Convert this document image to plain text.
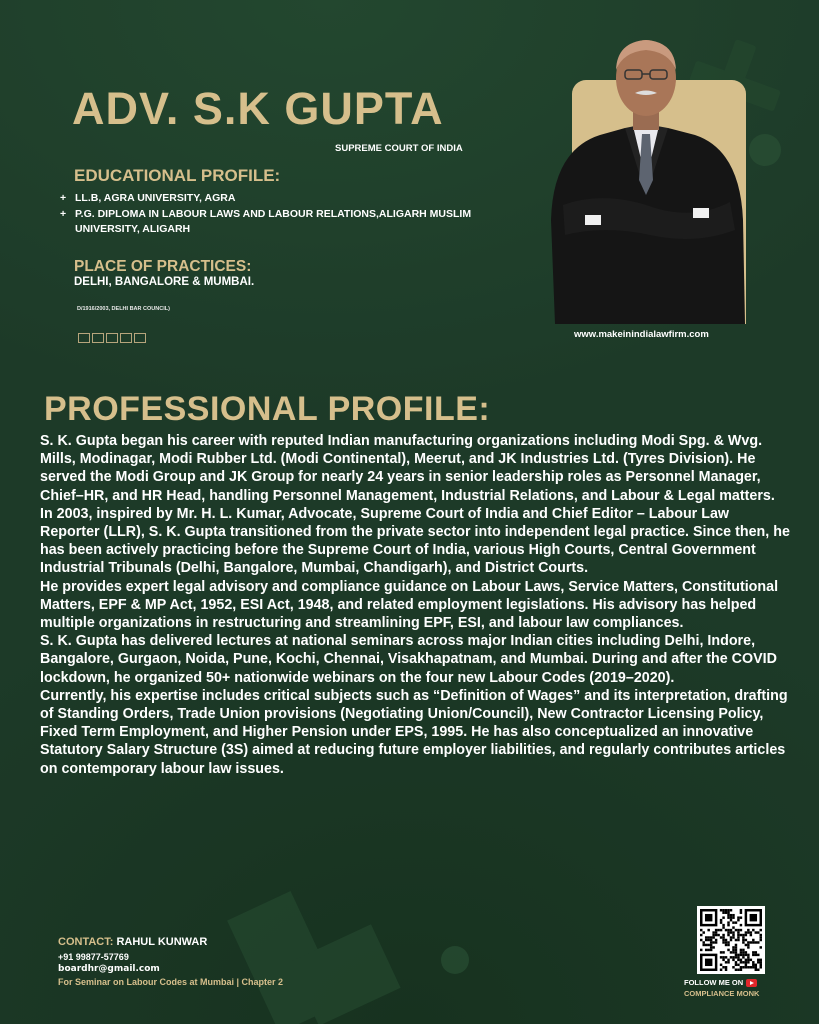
ADV. S.K GUPTA
SUPREME COURT OF INDIA
EDUCATIONAL PROFILE:
+ LL.B, AGRA UNIVERSITY, AGRA
+ P.G. DIPLOMA IN LABOUR LAWS AND LABOUR RELATIONS,ALIGARH MUSLIM UNIVERSITY, ALIGARH
PLACE OF PRACTICES:
DELHI, BANGALORE & MUMBAI.
D/1916/2003, DELHI BAR COUNCIL)
www.makeinindialawfirm.com
PROFESSIONAL PROFILE:

S. K. Gupta began his career with reputed Indian manufacturing organizations including Modi Spg. & Wvg. Mills, Modinagar, Modi Rubber Ltd. (Modi Continental), Meerut, and JK Industries Ltd. (Tyres Division). He served the Modi Group and JK Group for nearly 24 years in senior leadership roles as Personnel Manager, Chief–HR, and HR Head, handling Personnel Management, Industrial Relations, and Labour & Legal matters.

In 2003, inspired by Mr. H. L. Kumar, Advocate, Supreme Court of India and Chief Editor – Labour Law Reporter (LLR), S. K. Gupta transitioned from the private sector into independent legal practice. Since then, he has been actively practicing before the Supreme Court of India, various High Courts, Central Government Industrial Tribunals (Delhi, Bangalore, Mumbai, Chandigarh), and District Courts.

He provides expert legal advisory and compliance guidance on Labour Laws, Service Matters, Constitutional Matters, EPF & MP Act, 1952, ESI Act, 1948, and related employment legislations. His advisory has helped multiple organizations in restructuring and streamlining EPF, ESI, and labour law compliances.

S. K. Gupta has delivered lectures at national seminars across major Indian cities including Delhi, Indore, Bangalore, Gurgaon, Noida, Pune, Kochi, Chennai, Visakhapatnam, and Mumbai. During and after the COVID lockdown, he organized 50+ nationwide webinars on the four new Labour Codes (2019–2020).

Currently, his expertise includes critical subjects such as “Definition of Wages” and its interpretation, drafting of Standing Orders, Trade Union provisions (Negotiating Union/Council), New Contractor Licensing Policy, Fixed Term Employment, and Higher Pension under EPS, 1995. He has also conceptualized an innovative Statutory Salary Structure (3S) aimed at reducing future employer liabilities, and regularly contributes articles on contemporary labour law issues.

CONTACT: RAHUL KUNWAR
+91 99877-57769
boardhr@gmail.com
For Seminar on Labour Codes at Mumbai | Chapter 2	FOLLOW ME ON
COMPLIANCE MONK
